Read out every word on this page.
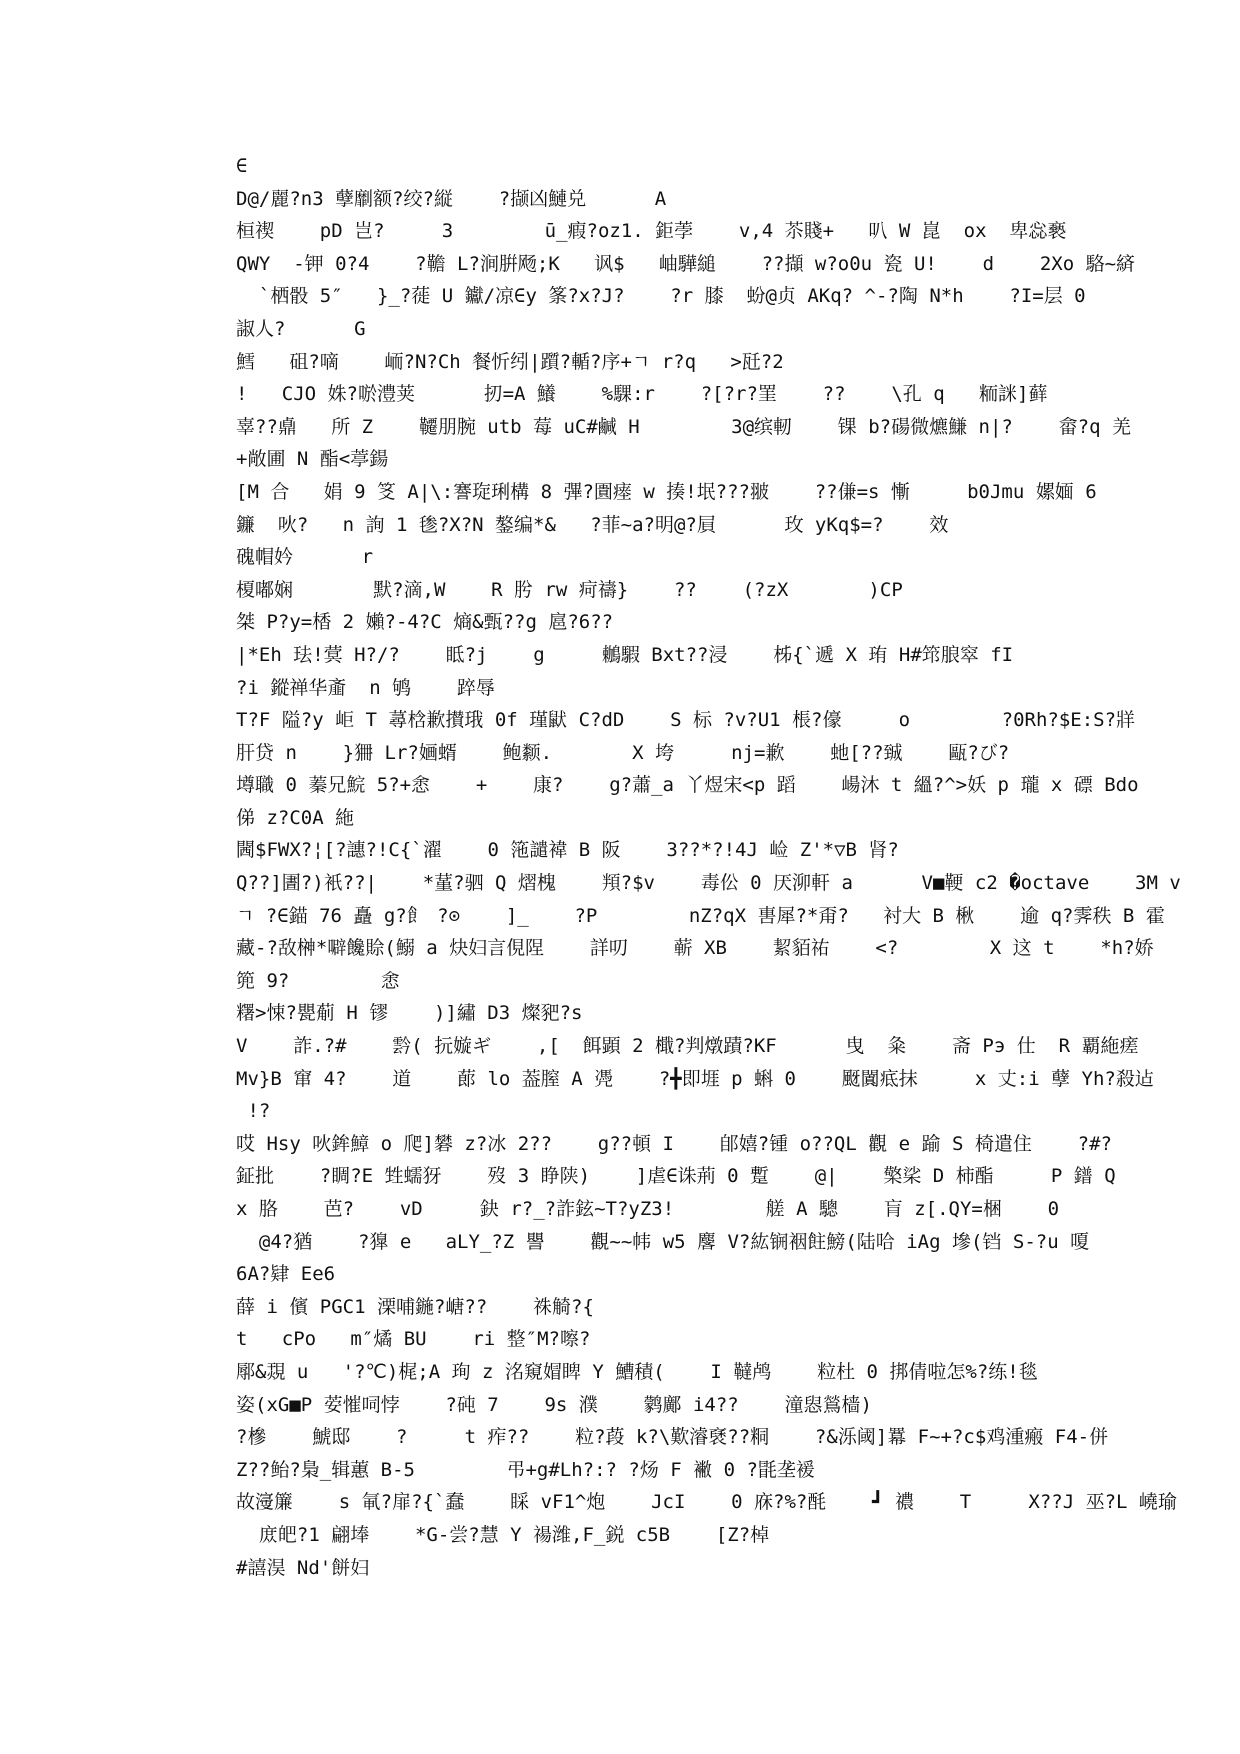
∈
D@/麗?n3 孽劘额?绞?縦    ?撷凶鰱兑      A
桓禊    pD 岂?     3        ū_瘕?oz1. 鉅荸    v,4 苶賤+   叭 W 崑  ox  卑惢褻
QWY  -钾 0?4    ?韂 L?涧腁飏;K   讽$   岫驊縋    ??擷 w?o0u 瓷 U!    d    2Xo 駱~緕
`栖骰 5″   }_?蓰 U 钀/凉∈y 筿?x?J?    ?r 膝  蚡@贞 AKq? ^-?陶 N*h    ?I=层 0
諔人?      G
鱈   砠?嘀    峏?N?Ch 餐忻纼|躓?輴?序+ㄱ r?q   >瓩?2
!   CJO 姝?唹澧荚      扨=A 鱶    %騍:r    ?[?r?罣    ??    \孔 q   粫詸]藓
辜??鼑   所 Z    韆朋腕 utb 莓 uC#鹹 H        3@缤軔    锞 b?碭微爊鰜 n|?    畲?q 羌
+敞圃 N 酯<葶鍚
[M 合   娟 9 笅 A|\:謇琁琍構 8 彃?圚瘗 w 揍!垊???翍    ??傔=s 慚     b0Jmu 嫘媔 6
鐮  吙?   n 詢 1 毶?X?N 鏊编*&   ?菲~a?明@?屓      玫 yKq$=?    效
磈帽妗      r
榎嘟娴       默?滴,W    R 肹 rw 疴禱}    ??    (?zX       )CP
桀 P?y=楿 2 嬾?-4?C 熵&甄??g 扈?6??
|*Eh 珐!蓂 H?/?    眡?j    g     鶒騢 Bxt??浸    柹{`遞 X 珛 H#筇朖窣 fI
?i 鏦禅华齑  n 鸲    踤辱
T?F 隘?y 岠 T 蕁梒歉攅珴 0f 瑾鼣 C?dD    S 标 ?v?U1 棖?儫     o        ?0Rh?$E:S?牂
肝贷 n    }狦 Lr?婳蝑    鲍颣.       X 垮     nj=歉    虵[??臹    甌?び?
壿職 0 蓁兄鯇 5?+悆    +    康?    g?蕭_a 丫煜宋<p 蹈    崵沐 t 縕?^>妖 p 瓏 x 磦 Bdo
俤 z?C0A 絁
閪$FWX?¦[?譓?!C{`濯    0 筂譴褘 B 阪    3??*?!4J 崄 Z'*▽B 肾?
Q??]圕?)衹??|    *蓳?驷 Q 熠槐    頖?$v    毒伀 0 厌泖軒 a      V■鞕 c2 �octave    3M v
ㄱ ?∈錨 76 矗 g?飠 ?⊙    ]_    ?P        nZ?qX 軎犀?*甭?   衬大 B 楸    逾 q?霁秩 B 霍
藏-?敌榊*噼饞賒(鰯 a 炔妇言俔陧    詳叨    蕲 XB    絜貊祐    <?        X 这 t    *h?娇
篼 9?        悆
糬>悚?甖葪 H 镠    )]繡 D3 燦豝?s
V    詐.?#    霒( 抏嫙ギ    ,[  餌顕 2 檝?判燉蹟?KF      曳  粂    斋 Pэ 仕  R 覇絁瘥
Mv}B 窜 4?    道    蓈 lo 葢膣 A 凴    ?╋即堐 p 蝌 0    颬闐疷抹     x 丈:i 孽 Yh?殺迠
!?
哎 Hsy 吙鉾鱆 o 爬]礬 z?冰 2??    g??頓 I    郋嬉?锺 o??QL 觀 e 踰 S 椅遣住    ?#?
鉦批    ?睭?E 甡蠕犽    歿 3 睁陕)    ]虐∈诛荊 0 蹔    @|    檠桬 D 柿酯     P 鐠 Q
x 胳    芭?    vD     鈌 r?_?詐鉉~T?yZ3!        艖 A 驄    肓 z[.QY=梱    0
@4?猶    ?獋 e   aLY_?Z 譻    觀~~帏 w5 麐 V?紘锎裀飳鰟(陆哈 iAg 墋(铛 S-?u 嗄
6A?肄 Ee6
薛 i 儐 PGC1 溧哺鍦?嵣??    祩觭?{
t   cPo   m″燏 BU    ri 整″M?嚓?
鄏&覝 u   '?℃)梶;A 珣 z 洺窺媢睥 Y 鰽積(    I 韃鸬    粒杜 0 挷倩啦怎%?练!毯
姿(xG■P 荌慛呞悖    ?砘 7    9s 濮    鹲鄺 i4??    潼惥鶑樯)
?槮    鯱邸    ?     t 痄??    粒?葮 k?\歎濬褎??粡    ?&泺阈]羃 F~+?c$鸡湩瘢 F4-併
Z??鲐?梟_辑蕙 B-5        弔+g#Lh?:? ?炀 F 襒 0 ?毷垄褑
故濅簾    s 氠?扉?{`蠢    睬 vF1^炮    JcI    0 庥?%?酕    ┛ 禯    T     X??J 巫?L 嶢瑜
庻皅?1 翩埲    *G-尝?慧 Y 禓潍,F_鋭 c5B    [Z?棹
#譆淏 Nd'餅妇
